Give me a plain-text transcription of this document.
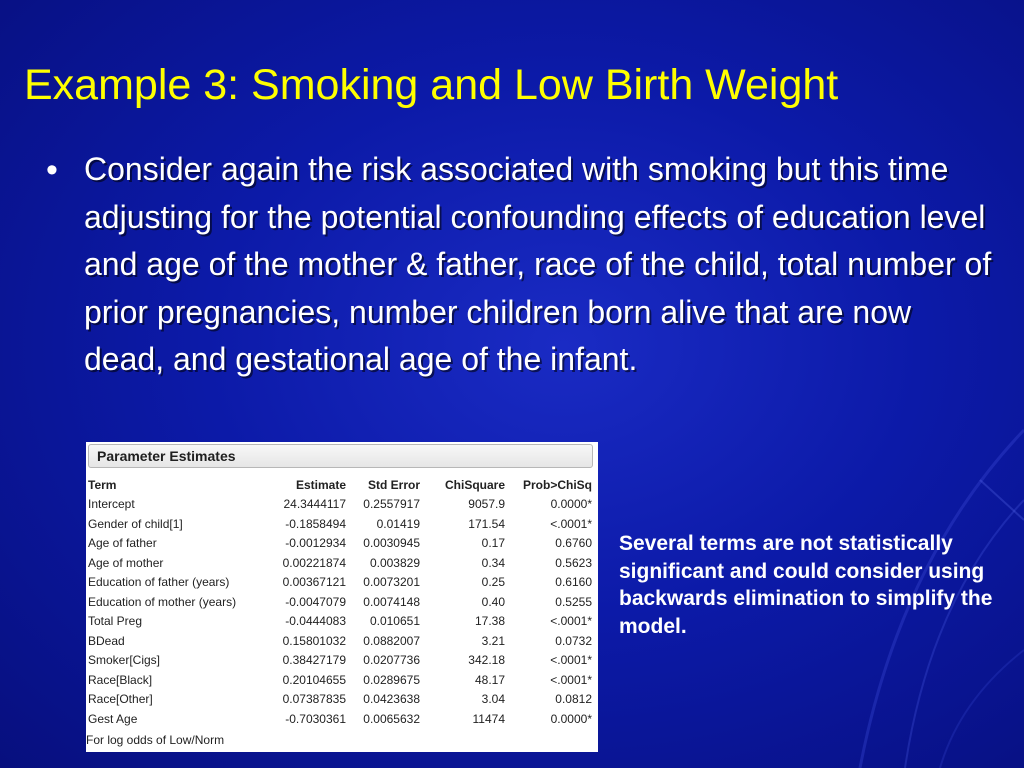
Example 3: Smoking and Low Birth Weight
• Consider again the risk associated with smoking but this time adjusting for the potential confounding effects of education level and age of the mother & father, race of the child, total number of prior pregnancies, number children born alive that are now dead, and gestational age of the infant.
Parameter Estimates
Term	Estimate	Std Error	ChiSquare	Prob>ChiSq
Intercept	24.3444117	0.2557917	9057.9	0.0000*
Gender of child[1]	-0.1858494	0.01419	171.54	<.0001*
Age of father	-0.0012934	0.0030945	0.17	0.6760
Age of mother	0.00221874	0.003829	0.34	0.5623
Education of father (years)	0.00367121	0.0073201	0.25	0.6160
Education of mother (years)	-0.0047079	0.0074148	0.40	0.5255
Total Preg	-0.0444083	0.010651	17.38	<.0001*
BDead	0.15801032	0.0882007	3.21	0.0732
Smoker[Cigs]	0.38427179	0.0207736	342.18	<.0001*
Race[Black]	0.20104655	0.0289675	48.17	<.0001*
Race[Other]	0.07387835	0.0423638	3.04	0.0812
Gest Age	-0.7030361	0.0065632	11474	0.0000*
For log odds of Low/Norm

Several terms are not statistically significant and could consider using backwards elimination to simplify the model.
